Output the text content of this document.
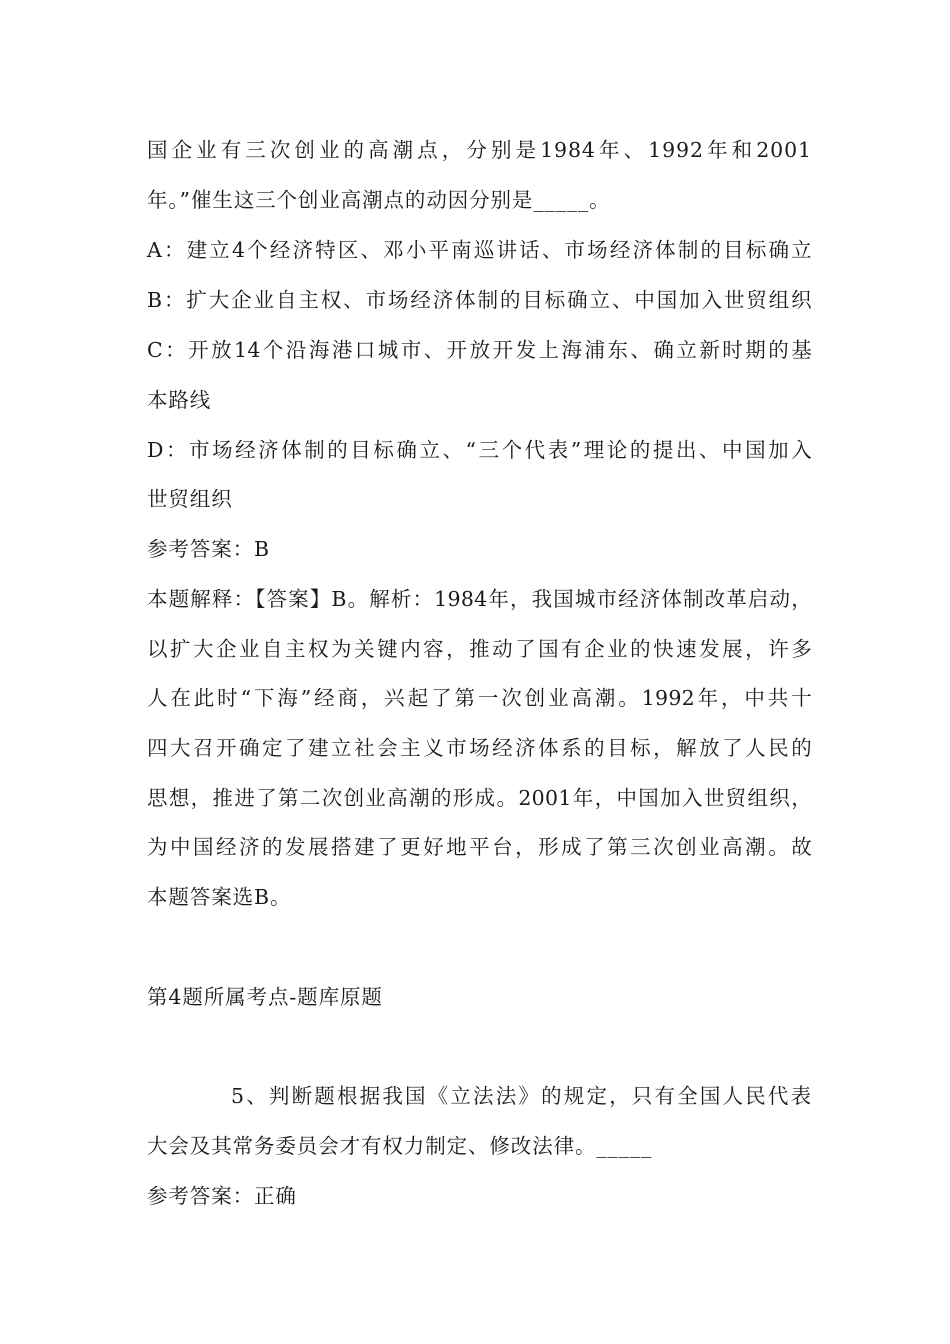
国企业有三次创业的高潮点，分别是1984年、1992年和2001
年。”催生这三个创业高潮点的动因分别是_____。
A：建立4个经济特区、邓小平南巡讲话、市场经济体制的目标确立
B：扩大企业自主权、市场经济体制的目标确立、中国加入世贸组织
C：开放14个沿海港口城市、开放开发上海浦东、确立新时期的基
本路线
D：市场经济体制的目标确立、“三个代表”理论的提出、中国加入
世贸组织
参考答案：B
本题解释：【答案】B。解析：1984年，我国城市经济体制改革启动，
以扩大企业自主权为关键内容，推动了国有企业的快速发展，许多
人在此时“下海”经商，兴起了第一次创业高潮。1992年，中共十
四大召开确定了建立社会主义市场经济体系的目标，解放了人民的
思想，推进了第二次创业高潮的形成。2001年，中国加入世贸组织，
为中国经济的发展搭建了更好地平台，形成了第三次创业高潮。故
本题答案选B。
第4题所属考点-题库原题
5、判断题根据我国《立法法》的规定，只有全国人民代表
大会及其常务委员会才有权力制定、修改法律。_____
参考答案：正确
